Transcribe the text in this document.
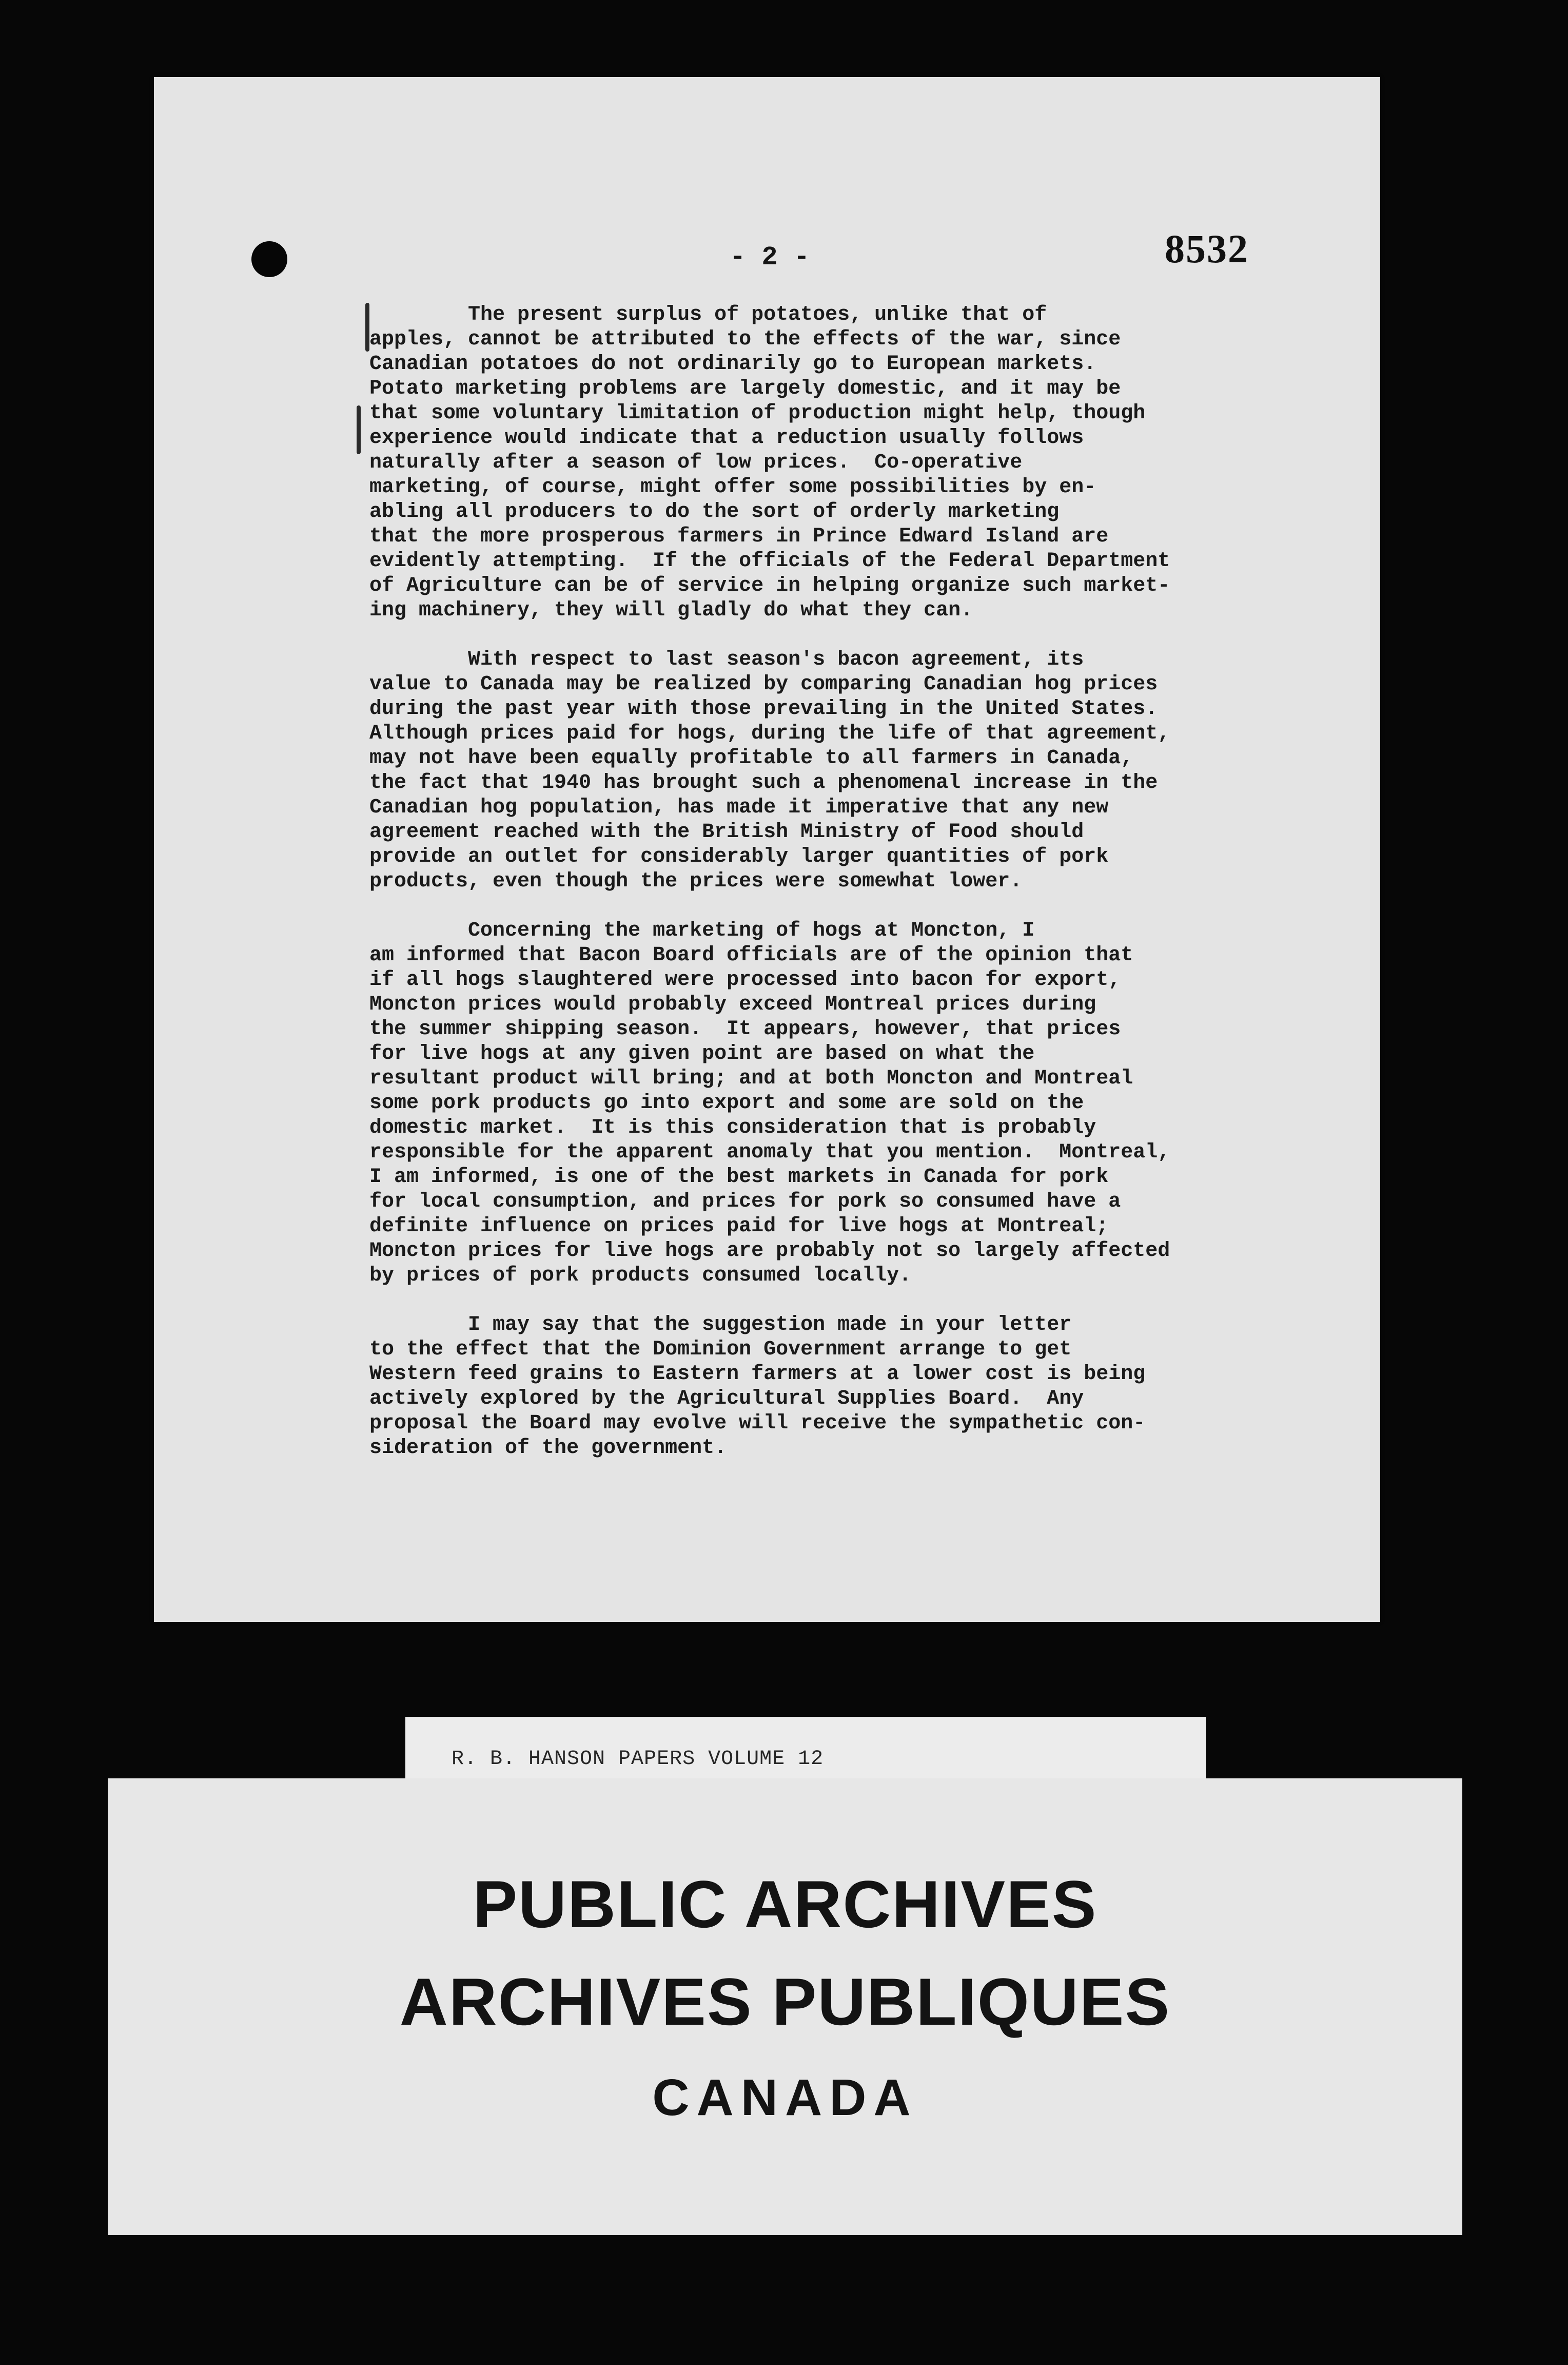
- 2 -	8532
The present surplus of potatoes, unlike that of
apples, cannot be attributed to the effects of the war, since
Canadian potatoes do not ordinarily go to European markets.
Potato marketing problems are largely domestic, and it may be
that some voluntary limitation of production might help, though
experience would indicate that a reduction usually follows
naturally after a season of low prices.  Co-operative
marketing, of course, might offer some possibilities by en-
abling all producers to do the sort of orderly marketing
that the more prosperous farmers in Prince Edward Island are
evidently attempting.  If the officials of the Federal Department
of Agriculture can be of service in helping organize such market-
ing machinery, they will gladly do what they can.
With respect to last season's bacon agreement, its
value to Canada may be realized by comparing Canadian hog prices
during the past year with those prevailing in the United States.
Although prices paid for hogs, during the life of that agreement,
may not have been equally profitable to all farmers in Canada,
the fact that 1940 has brought such a phenomenal increase in the
Canadian hog population, has made it imperative that any new
agreement reached with the British Ministry of Food should
provide an outlet for considerably larger quantities of pork
products, even though the prices were somewhat lower.
Concerning the marketing of hogs at Moncton, I
am informed that Bacon Board officials are of the opinion that
if all hogs slaughtered were processed into bacon for export,
Moncton prices would probably exceed Montreal prices during
the summer shipping season.  It appears, however, that prices
for live hogs at any given point are based on what the
resultant product will bring; and at both Moncton and Montreal
some pork products go into export and some are sold on the
domestic market.  It is this consideration that is probably
responsible for the apparent anomaly that you mention.  Montreal,
I am informed, is one of the best markets in Canada for pork
for local consumption, and prices for pork so consumed have a
definite influence on prices paid for live hogs at Montreal;
Moncton prices for live hogs are probably not so largely affected
by prices of pork products consumed locally.
I may say that the suggestion made in your letter
to the effect that the Dominion Government arrange to get
Western feed grains to Eastern farmers at a lower cost is being
actively explored by the Agricultural Supplies Board.  Any
proposal the Board may evolve will receive the sympathetic con-
sideration of the government.
R. B. HANSON PAPERS VOLUME 12
PUBLIC ARCHIVES
ARCHIVES PUBLIQUES
CANADA
